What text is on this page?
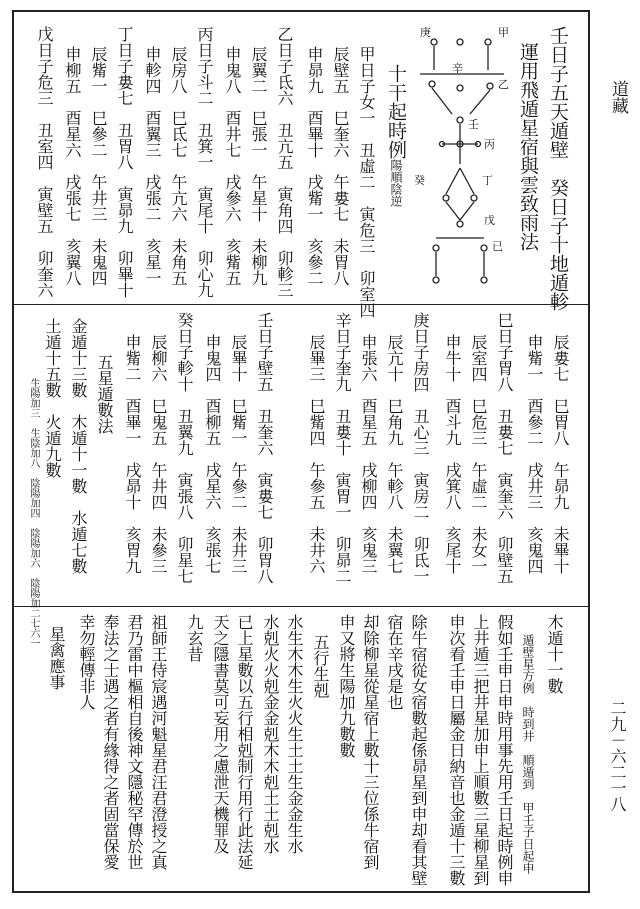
道藏
二九－六二一八
壬日子五天遁壁　癸日子十地遁軫
運用飛遁星宿與雲致雨法
庚	甲
辛
乙
壬
丙
癸	丁
戊
已
十干起時例陽順陰逆
甲日子女一　丑虛二　寅危三　卯室四
辰壁五　巳奎六　午婁七　未胃八
申昴九　酉畢十　戌觜一　亥參二
乙日子氐六　丑亢五　寅角四　卯軫三
辰翼二　巳張一　午星十　未柳九
申鬼八　酉井七　戌參六　亥觜五
丙日子斗二　丑箕一　寅尾十　卯心九
辰房八　巳氐七　午亢六　未角五
申軫四　酉翼三　戌張二　亥星一
丁日子婁七　丑胃八　寅昴九　卯畢十
辰觜一　巳參二　午井三　未鬼四
申柳五　酉星六　戌張七　亥翼八
戊日子危三　丑室四　寅壁五　卯奎六
辰婁七　巳胃八　午昴九　未畢十
申觜一　酉參二　戌井三　亥鬼四
巳日子胃八　丑婁七　寅奎六　卯壁五
辰室四　巳危三　午虛二　未女一
申牛十　酉斗九　戌箕八　亥尾十
庚日子房四　丑心三　寅房二　卯氐一
辰亢十　巳角九　午軫八　未翼七
申張六　酉星五　戌柳四　亥鬼三
辛日子奎九　丑婁十　寅胃一　卯昴二
辰畢三　巳觜四　午參五　未井六
壬日子壁五　丑奎六　寅婁七　卯胃八
辰畢十　巳觜一　午參二　未井三
申鬼四　酉柳五　戌星六　亥張七
癸日子軫十　丑翼九　寅張八　卯星七
辰柳六　巳鬼五　午井四　未參三
申觜二　酉畢一　戌昴十　亥胃九
五星遁數法
金遁十三數　木遁十一數　水遁七數
土遁十五數　火遁九數
生陽加三　生陰加八　陰陽加四　陰陽加六　陰陽加二七六一
木遁十一數
遁壁星方例　時到井　順遁到　甲壬子日起申
假如壬申日申時用事先用壬日起時例申
上井遁三把井星加申上順數三星柳星到
申次看壬申日屬金日納音也金遁十三數
除牛宿從女宿數起係昴星到申却看其壁
宿在辛戌是也
却除柳星從星宿上數十三位係牛宿到
申又將生陽加九數數
五行生剋
水生木木生火火生土土生金金生水
水剋火火剋金金剋木木剋土土剋水
已上星數以五行相剋制行用行此法延
天之隱書莫可妄用之慮泄天機罪及
九玄昔
祖師王侍宸遇河魁星君汪君澄授之真
君乃雷中樞相自後神文隱秘罕傳於世
奉法之士遇之者有緣得之者固當保愛
幸勿輕傳非人
星禽應事
